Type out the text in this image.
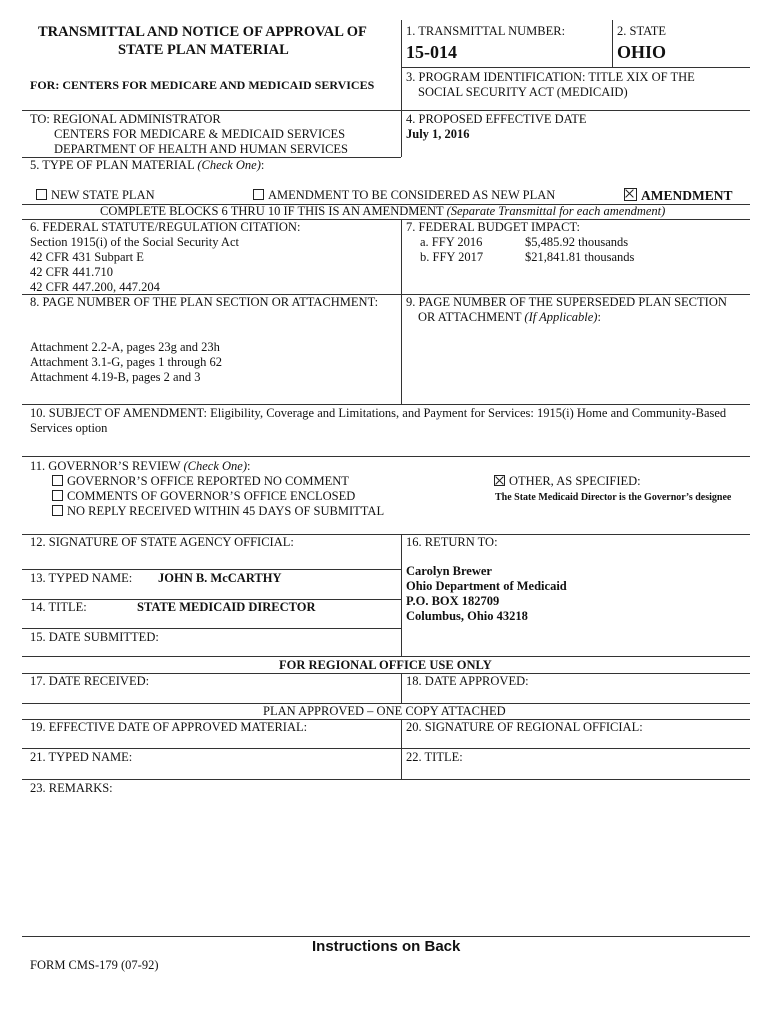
TRANSMITTAL AND NOTICE OF APPROVAL OF
STATE PLAN MATERIAL
FOR: CENTERS FOR MEDICARE AND MEDICAID SERVICES
1. TRANSMITTAL NUMBER:
15-014
2. STATE
OHIO
3. PROGRAM IDENTIFICATION: TITLE XIX OF THE
SOCIAL SECURITY ACT (MEDICAID)
TO: REGIONAL ADMINISTRATOR
CENTERS FOR MEDICARE & MEDICAID SERVICES
DEPARTMENT OF HEALTH AND HUMAN SERVICES
4. PROPOSED EFFECTIVE DATE
July 1, 2016
5. TYPE OF PLAN MATERIAL (Check One):
NEW STATE PLAN	AMENDMENT TO BE CONSIDERED AS NEW PLAN	AMENDMENT
COMPLETE BLOCKS 6 THRU 10 IF THIS IS AN AMENDMENT (Separate Transmittal for each amendment)
6. FEDERAL STATUTE/REGULATION CITATION:
Section 1915(i) of the Social Security Act
42 CFR 431 Subpart E
42 CFR 441.710
42 CFR 447.200, 447.204
7. FEDERAL BUDGET IMPACT:
a. FFY 2016	$5,485.92 thousands
b. FFY 2017	$21,841.81 thousands
8. PAGE NUMBER OF THE PLAN SECTION OR ATTACHMENT:
Attachment 2.2-A, pages 23g and 23h
Attachment 3.1-G, pages 1 through 62
Attachment 4.19-B, pages 2 and 3
9. PAGE NUMBER OF THE SUPERSEDED PLAN SECTION
OR ATTACHMENT (If Applicable):
10. SUBJECT OF AMENDMENT: Eligibility, Coverage and Limitations, and Payment for Services: 1915(i) Home and Community-Based
Services option
11. GOVERNOR’S REVIEW (Check One):
GOVERNOR’S OFFICE REPORTED NO COMMENT
COMMENTS OF GOVERNOR’S OFFICE ENCLOSED
NO REPLY RECEIVED WITHIN 45 DAYS OF SUBMITTAL
OTHER, AS SPECIFIED:
The State Medicaid Director is the Governor’s designee
12. SIGNATURE OF STATE AGENCY OFFICIAL:
13. TYPED NAME: JOHN B. McCARTHY
14. TITLE:	STATE MEDICAID DIRECTOR
15. DATE SUBMITTED:
16. RETURN TO:
Carolyn Brewer
Ohio Department of Medicaid
P.O. BOX 182709
Columbus, Ohio 43218
FOR REGIONAL OFFICE USE ONLY
17. DATE RECEIVED:	18. DATE APPROVED:
PLAN APPROVED – ONE COPY ATTACHED
19. EFFECTIVE DATE OF APPROVED MATERIAL:	20. SIGNATURE OF REGIONAL OFFICIAL:
21. TYPED NAME:	22. TITLE:
23. REMARKS:
Instructions on Back
FORM CMS-179 (07-92)
